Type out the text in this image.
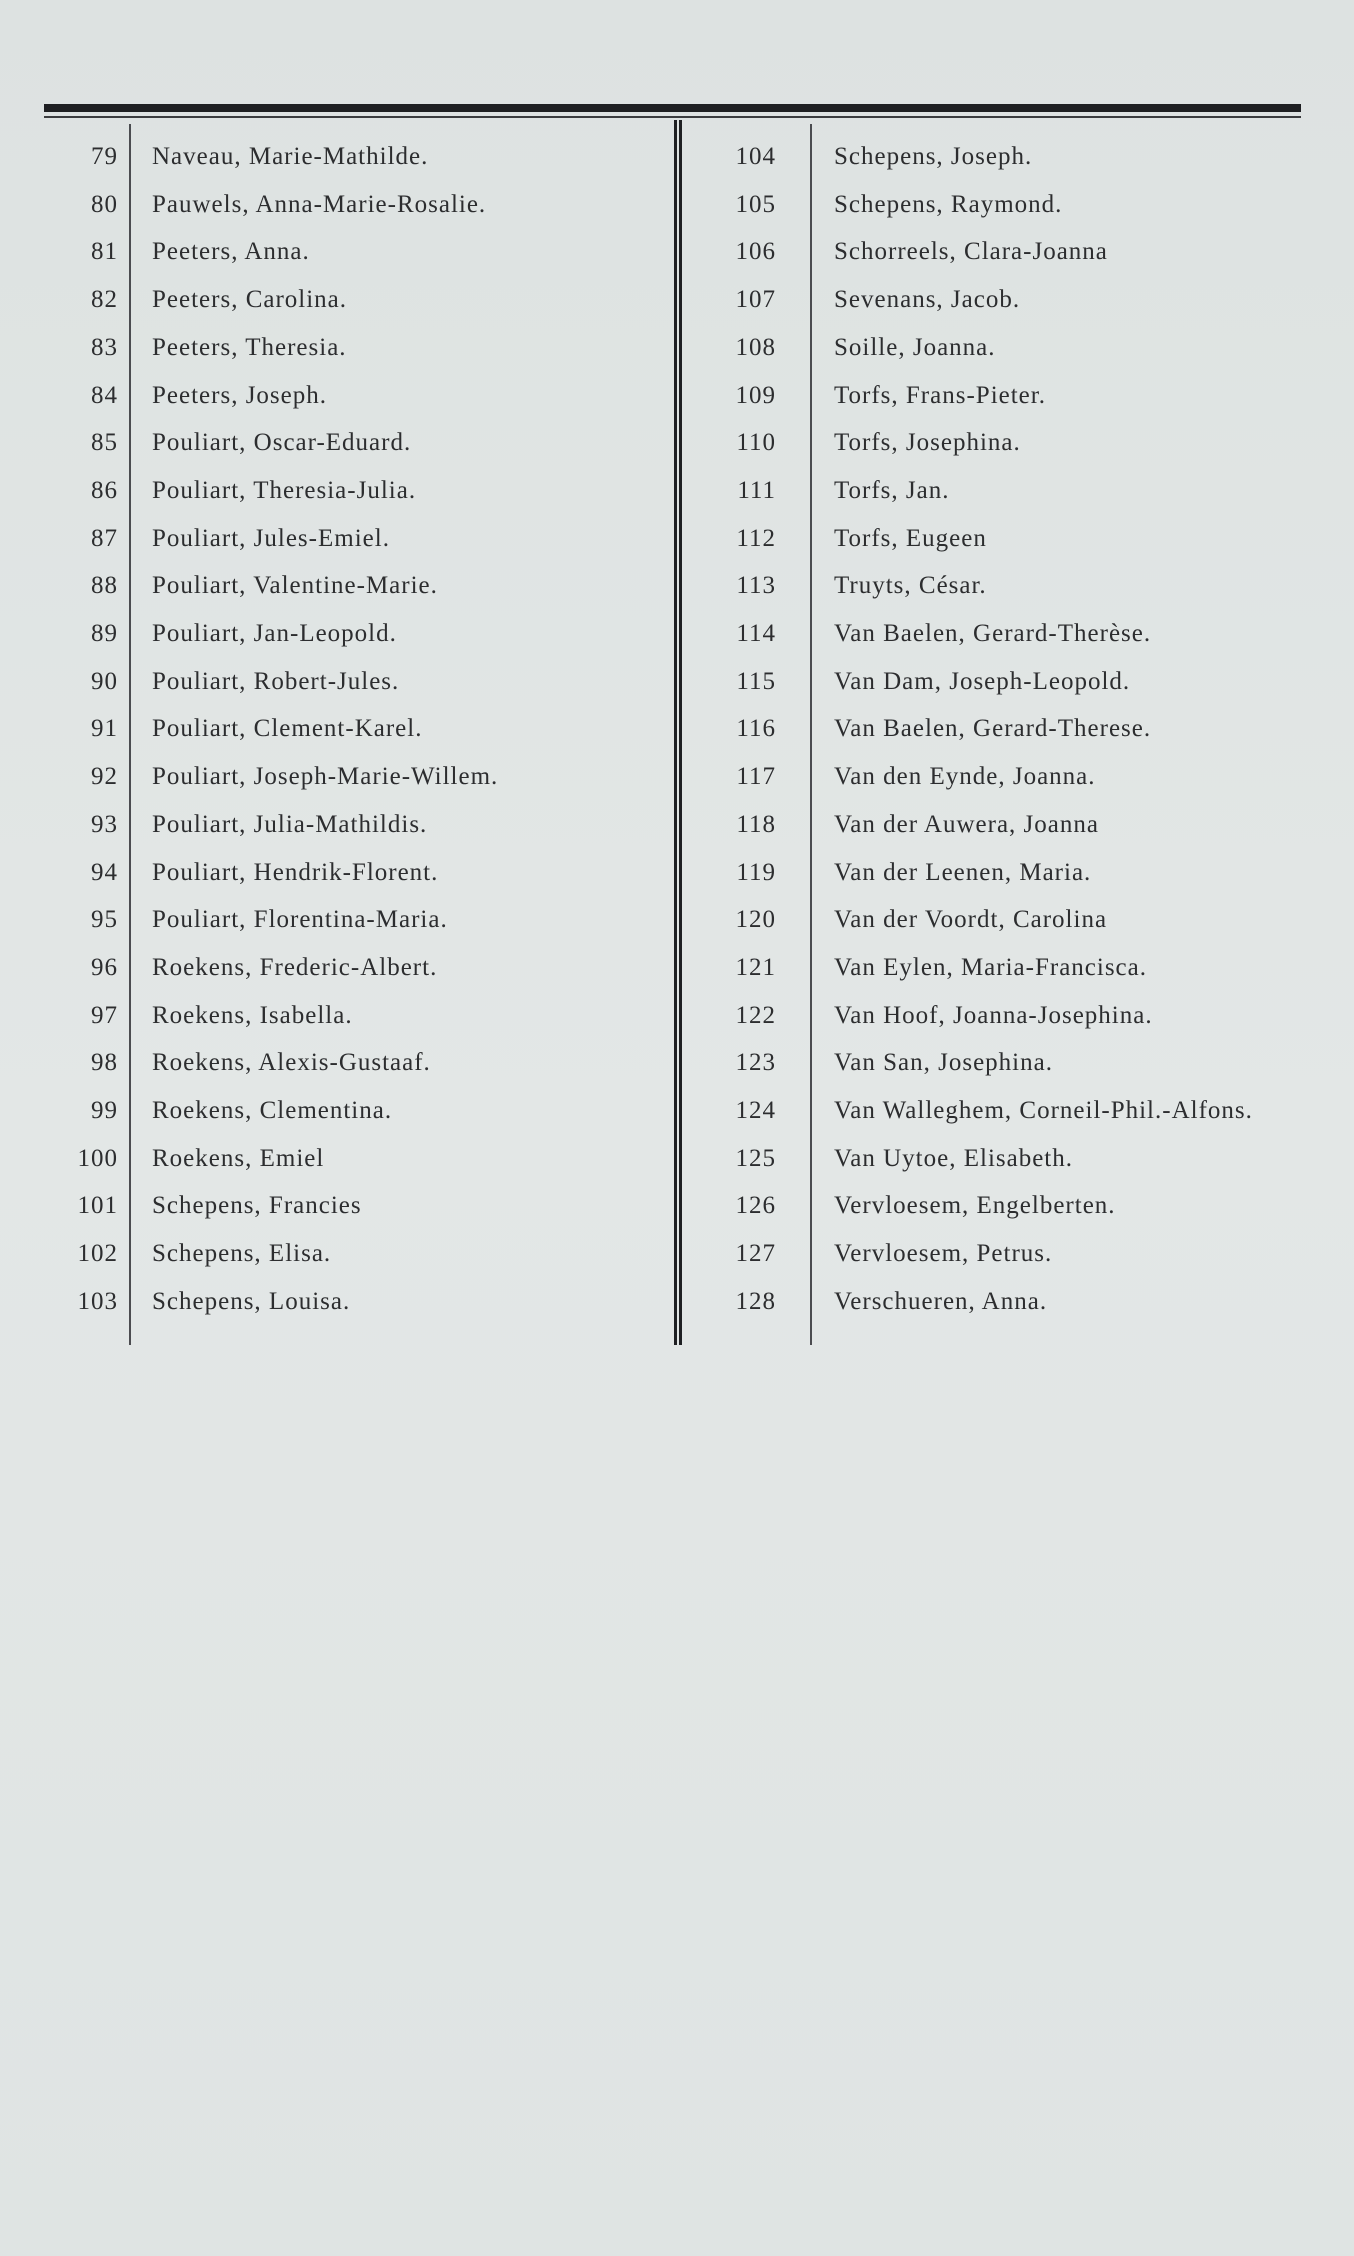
79 Naveau, Marie-Mathilde.
80 Pauwels, Anna-Marie-Rosalie.
81 Peeters, Anna.
82 Peeters, Carolina.
83 Peeters, Theresia.
84 Peeters, Joseph.
85 Pouliart, Oscar-Eduard.
86 Pouliart, Theresia-Julia.
87 Pouliart, Jules-Emiel.
88 Pouliart, Valentine-Marie.
89 Pouliart, Jan-Leopold.
90 Pouliart, Robert-Jules.
91 Pouliart, Clement-Karel.
92 Pouliart, Joseph-Marie-Willem.
93 Pouliart, Julia-Mathildis.
94 Pouliart, Hendrik-Florent.
95 Pouliart, Florentina-Maria.
96 Roekens, Frederic-Albert.
97 Roekens, Isabella.
98 Roekens, Alexis-Gustaaf.
99 Roekens, Clementina.
100 Roekens, Emiel
101 Schepens, Francies
102 Schepens, Elisa.
103 Schepens, Louisa.
104 Schepens, Joseph.
105 Schepens, Raymond.
106 Schorreels, Clara-Joanna
107 Sevenans, Jacob.
108 Soille, Joanna.
109 Torfs, Frans-Pieter.
110 Torfs, Josephina.
111 Torfs, Jan.
112 Torfs, Eugeen
113 Truyts, César.
114 Van Baelen, Gerard-Therèse.
115 Van Dam, Joseph-Leopold.
116 Van Baelen, Gerard-Therese.
117 Van den Eynde, Joanna.
118 Van der Auwera, Joanna
119 Van der Leenen, Maria.
120 Van der Voordt, Carolina
121 Van Eylen, Maria-Francisca.
122 Van Hoof, Joanna-Josephina.
123 Van San, Josephina.
124 Van Walleghem, Corneil-Phil.-Alfons.
125 Van Uytoe, Elisabeth.
126 Vervloesem, Engelberten.
127 Vervloesem, Petrus.
128 Verschueren, Anna.
